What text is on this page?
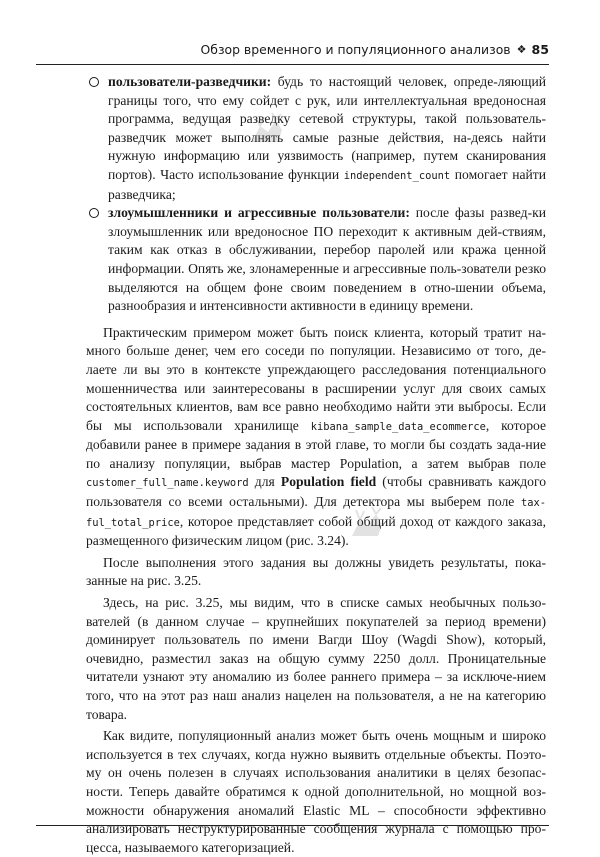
Обзор временного и популяционного анализов ❖ 85
пользователи-разведчики: будь то настоящий человек, опреде-ляющий границы того, что ему сойдет с рук, или интеллектуальная вредоносная программа, ведущая разведку сетевой структуры, такой пользователь-разведчик может выполнять самые разные действия, на-деясь найти нужную информацию или уязвимость (например, путем сканирования портов). Часто использование функции independent_count помогает найти разведчика;
злоумышленники и агрессивные пользователи: после фазы развед-ки злоумышленник или вредоносное ПО переходит к активным дей-ствиям, таким как отказ в обслуживании, перебор паролей или кража ценной информации. Опять же, злонамеренные и агрессивные поль-зователи резко выделяются на общем фоне своим поведением в отно-шении объема, разнообразия и интенсивности активности в единицу времени.

Практическим примером может быть поиск клиента, который тратит на-много больше денег, чем его соседи по популяции. Независимо от того, де-лаете ли вы это в контексте упреждающего расследования потенциального мошенничества или заинтересованы в расширении услуг для своих самых состоятельных клиентов, вам все равно необходимо найти эти выбросы. Если бы мы использовали хранилище kibana_sample_data_ecommerce, которое добавили ранее в примере задания в этой главе, то могли бы создать зада-ние по анализу популяции, выбрав мастер Population, а затем выбрав поле customer_full_name.keyword для Population field (чтобы сравнивать каждого пользователя со всеми остальными). Для детектора мы выберем поле tax-ful_total_price, которое представляет собой общий доход от каждого заказа, размещенного физическим лицом (рис. 3.24).

После выполнения этого задания вы должны увидеть результаты, пока-занные на рис. 3.25.

Здесь, на рис. 3.25, мы видим, что в списке самых необычных пользо-вателей (в данном случае – крупнейших покупателей за период времени) доминирует пользователь по имени Вагди Шоу (Wagdi Show), который, очевидно, разместил заказ на общую сумму 2250 долл. Проницательные читатели узнают эту аномалию из более раннего примера – за исключе-нием того, что на этот раз наш анализ нацелен на пользователя, а не на категорию товара.

Как видите, популяционный анализ может быть очень мощным и широко используется в тех случаях, когда нужно выявить отдельные объекты. Поэто-му он очень полезен в случаях использования аналитики в целях безопас-ности. Теперь давайте обратимся к одной дополнительной, но мощной воз-можности обнаружения аномалий Elastic ML – способности эффективно анализировать неструктурированные сообщения журнала с помощью про-цесса, называемого категоризацией.
